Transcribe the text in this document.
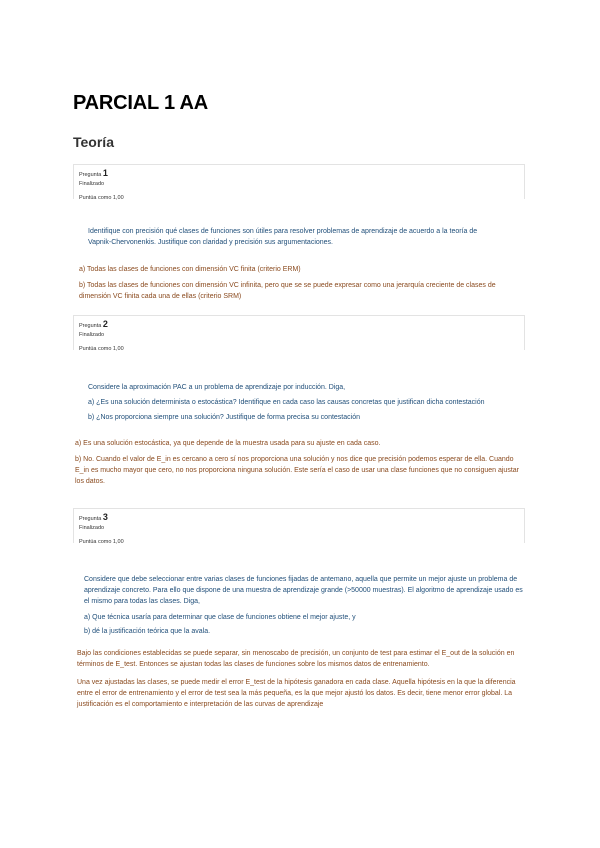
PARCIAL 1 AA
Teoría
Pregunta 1
Finalizado
Puntúa como 1,00

Identifique con precisión qué clases de funciones son útiles para resolver problemas de aprendizaje de acuerdo a la teoría de

Vapnik-Chervonenkis. Justifique con claridad y precisión sus argumentaciones.

a) Todas las clases de funciones con dimensión VC finita (criterio ERM)

b) Todas las clases de funciones con dimensión VC infinita, pero que se se puede expresar como una jerarquía creciente de clases de dimensión VC finita cada una de ellas (criterio SRM)

Pregunta 2
Finalizado
Puntúa como 1,00

Considere la aproximación PAC a un problema de aprendizaje por inducción. Diga,

a) ¿Es una solución determinista o estocástica? Identifique en cada caso las causas concretas que justifican dicha contestación

b) ¿Nos proporciona siempre una solución? Justifique de forma precisa su contestación

a) Es una solución estocástica, ya que depende de la muestra usada para su ajuste en cada caso.

b) No. Cuando el valor de E_in es cercano a cero sí nos proporciona una solución y nos dice que precisión podemos esperar de ella. Cuando E_in es mucho mayor que cero, no nos proporciona ninguna solución. Este sería el caso de usar una clase funciones que no consiguen ajustar los datos.

Pregunta 3
Finalizado
Puntúa como 1,00

Considere que debe seleccionar entre varias clases de funciones fijadas de antemano, aquella que permite un mejor ajuste un problema de aprendizaje concreto. Para ello que dispone de una muestra de aprendizaje grande (>50000 muestras). El algoritmo de aprendizaje usado es el mismo para todas las clases. Diga,

a) Que técnica usaría para determinar que clase de funciones obtiene el mejor ajuste, y

b) dé la justificación teórica que la avala.

Bajo las condiciones establecidas se puede separar, sin menoscabo de precisión, un conjunto de test para estimar el E_out de la solución en términos de E_test. Entonces se ajustan todas las clases de funciones sobre los mismos datos de entrenamiento.

Una vez ajustadas las clases, se puede medir el error E_test de la hipótesis ganadora en cada clase. Aquella hipótesis en la que la diferencia entre el error de entrenamiento y el error de test sea la más pequeña, es la que mejor ajustó los datos. Es decir, tiene menor error global. La justificación es el comportamiento e interpretación de las curvas de aprendizaje
